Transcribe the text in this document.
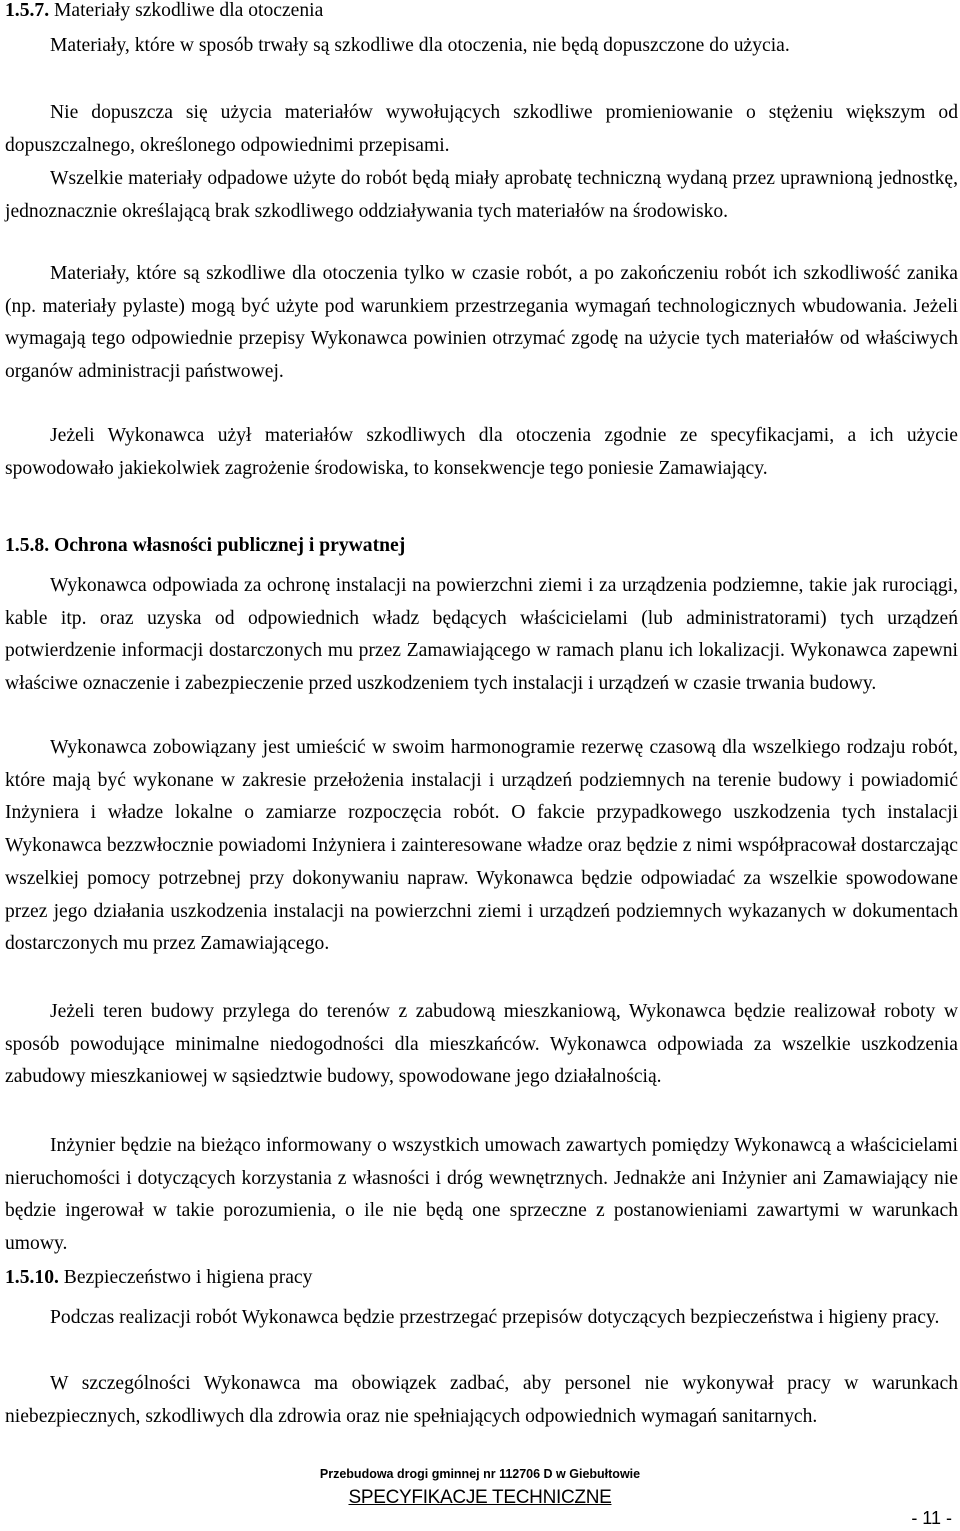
1.5.7. Materiały szkodliwe dla otoczenia

Materiały, które w sposób trwały są szkodliwe dla otoczenia, nie będą dopuszczone do użycia.

Nie dopuszcza się użycia materiałów wywołujących szkodliwe promieniowanie o stężeniu większym od dopuszczalnego, określonego odpowiednimi przepisami.

Wszelkie materiały odpadowe użyte do robót będą miały aprobatę techniczną wydaną przez uprawnioną jednostkę, jednoznacznie określającą brak szkodliwego oddziaływania tych materiałów na środowisko.

Materiały, które są szkodliwe dla otoczenia tylko w czasie robót, a po zakończeniu robót ich szkodliwość zanika (np. materiały pylaste) mogą być użyte pod warunkiem przestrzegania wymagań technologicznych wbudowania. Jeżeli wymagają tego odpowiednie przepisy Wykonawca powinien otrzymać zgodę na użycie tych materiałów od właściwych organów administracji państwowej.

Jeżeli Wykonawca użył materiałów szkodliwych dla otoczenia zgodnie ze specyfikacjami, a ich użycie spowodowało jakiekolwiek zagrożenie środowiska, to konsekwencje tego poniesie Zamawiający.

1.5.8. Ochrona własności publicznej i prywatnej

Wykonawca odpowiada za ochronę instalacji na powierzchni ziemi i za urządzenia podziemne, takie jak rurociągi, kable itp. oraz uzyska od odpowiednich władz będących właścicielami (lub administratorami) tych urządzeń potwierdzenie informacji dostarczonych mu przez Zamawiającego w ramach planu ich lokalizacji. Wykonawca zapewni właściwe oznaczenie i zabezpieczenie przed uszkodzeniem tych instalacji i urządzeń w czasie trwania budowy.

Wykonawca zobowiązany jest umieścić w swoim harmonogramie rezerwę czasową dla wszelkiego rodzaju robót, które mają być wykonane w zakresie przełożenia instalacji i urządzeń podziemnych na terenie budowy i powiadomić Inżyniera i władze lokalne o zamiarze rozpoczęcia robót. O fakcie przypadkowego uszkodzenia tych instalacji Wykonawca bezzwłocznie powiadomi Inżyniera i zainteresowane władze oraz będzie z nimi współpracował dostarczając wszelkiej pomocy potrzebnej przy dokonywaniu napraw. Wykonawca będzie odpowiadać za wszelkie spowodowane przez jego działania uszkodzenia instalacji na powierzchni ziemi i urządzeń podziemnych wykazanych w dokumentach dostarczonych mu przez Zamawiającego.

Jeżeli teren budowy przylega do terenów z zabudową mieszkaniową, Wykonawca będzie realizował roboty w sposób powodujące minimalne niedogodności dla mieszkańców. Wykonawca odpowiada za wszelkie uszkodzenia zabudowy mieszkaniowej w sąsiedztwie budowy, spowodowane jego działalnością.

Inżynier będzie na bieżąco informowany o wszystkich umowach zawartych pomiędzy Wykonawcą a właścicielami nieruchomości i dotyczących korzystania z własności i dróg wewnętrznych. Jednakże ani Inżynier ani Zamawiający nie będzie ingerował w takie porozumienia, o ile nie będą one sprzeczne z postanowieniami zawartymi w warunkach umowy.

1.5.10. Bezpieczeństwo i higiena pracy

Podczas realizacji robót Wykonawca będzie przestrzegać przepisów dotyczących bezpieczeństwa i higieny pracy.

W szczególności Wykonawca ma obowiązek zadbać, aby personel nie wykonywał pracy w warunkach niebezpiecznych, szkodliwych dla zdrowia oraz nie spełniających odpowiednich wymagań sanitarnych.

Przebudowa drogi gminnej nr 112706 D w Giebułtowie
SPECYFIKACJE TECHNICZNE
- 11 -
